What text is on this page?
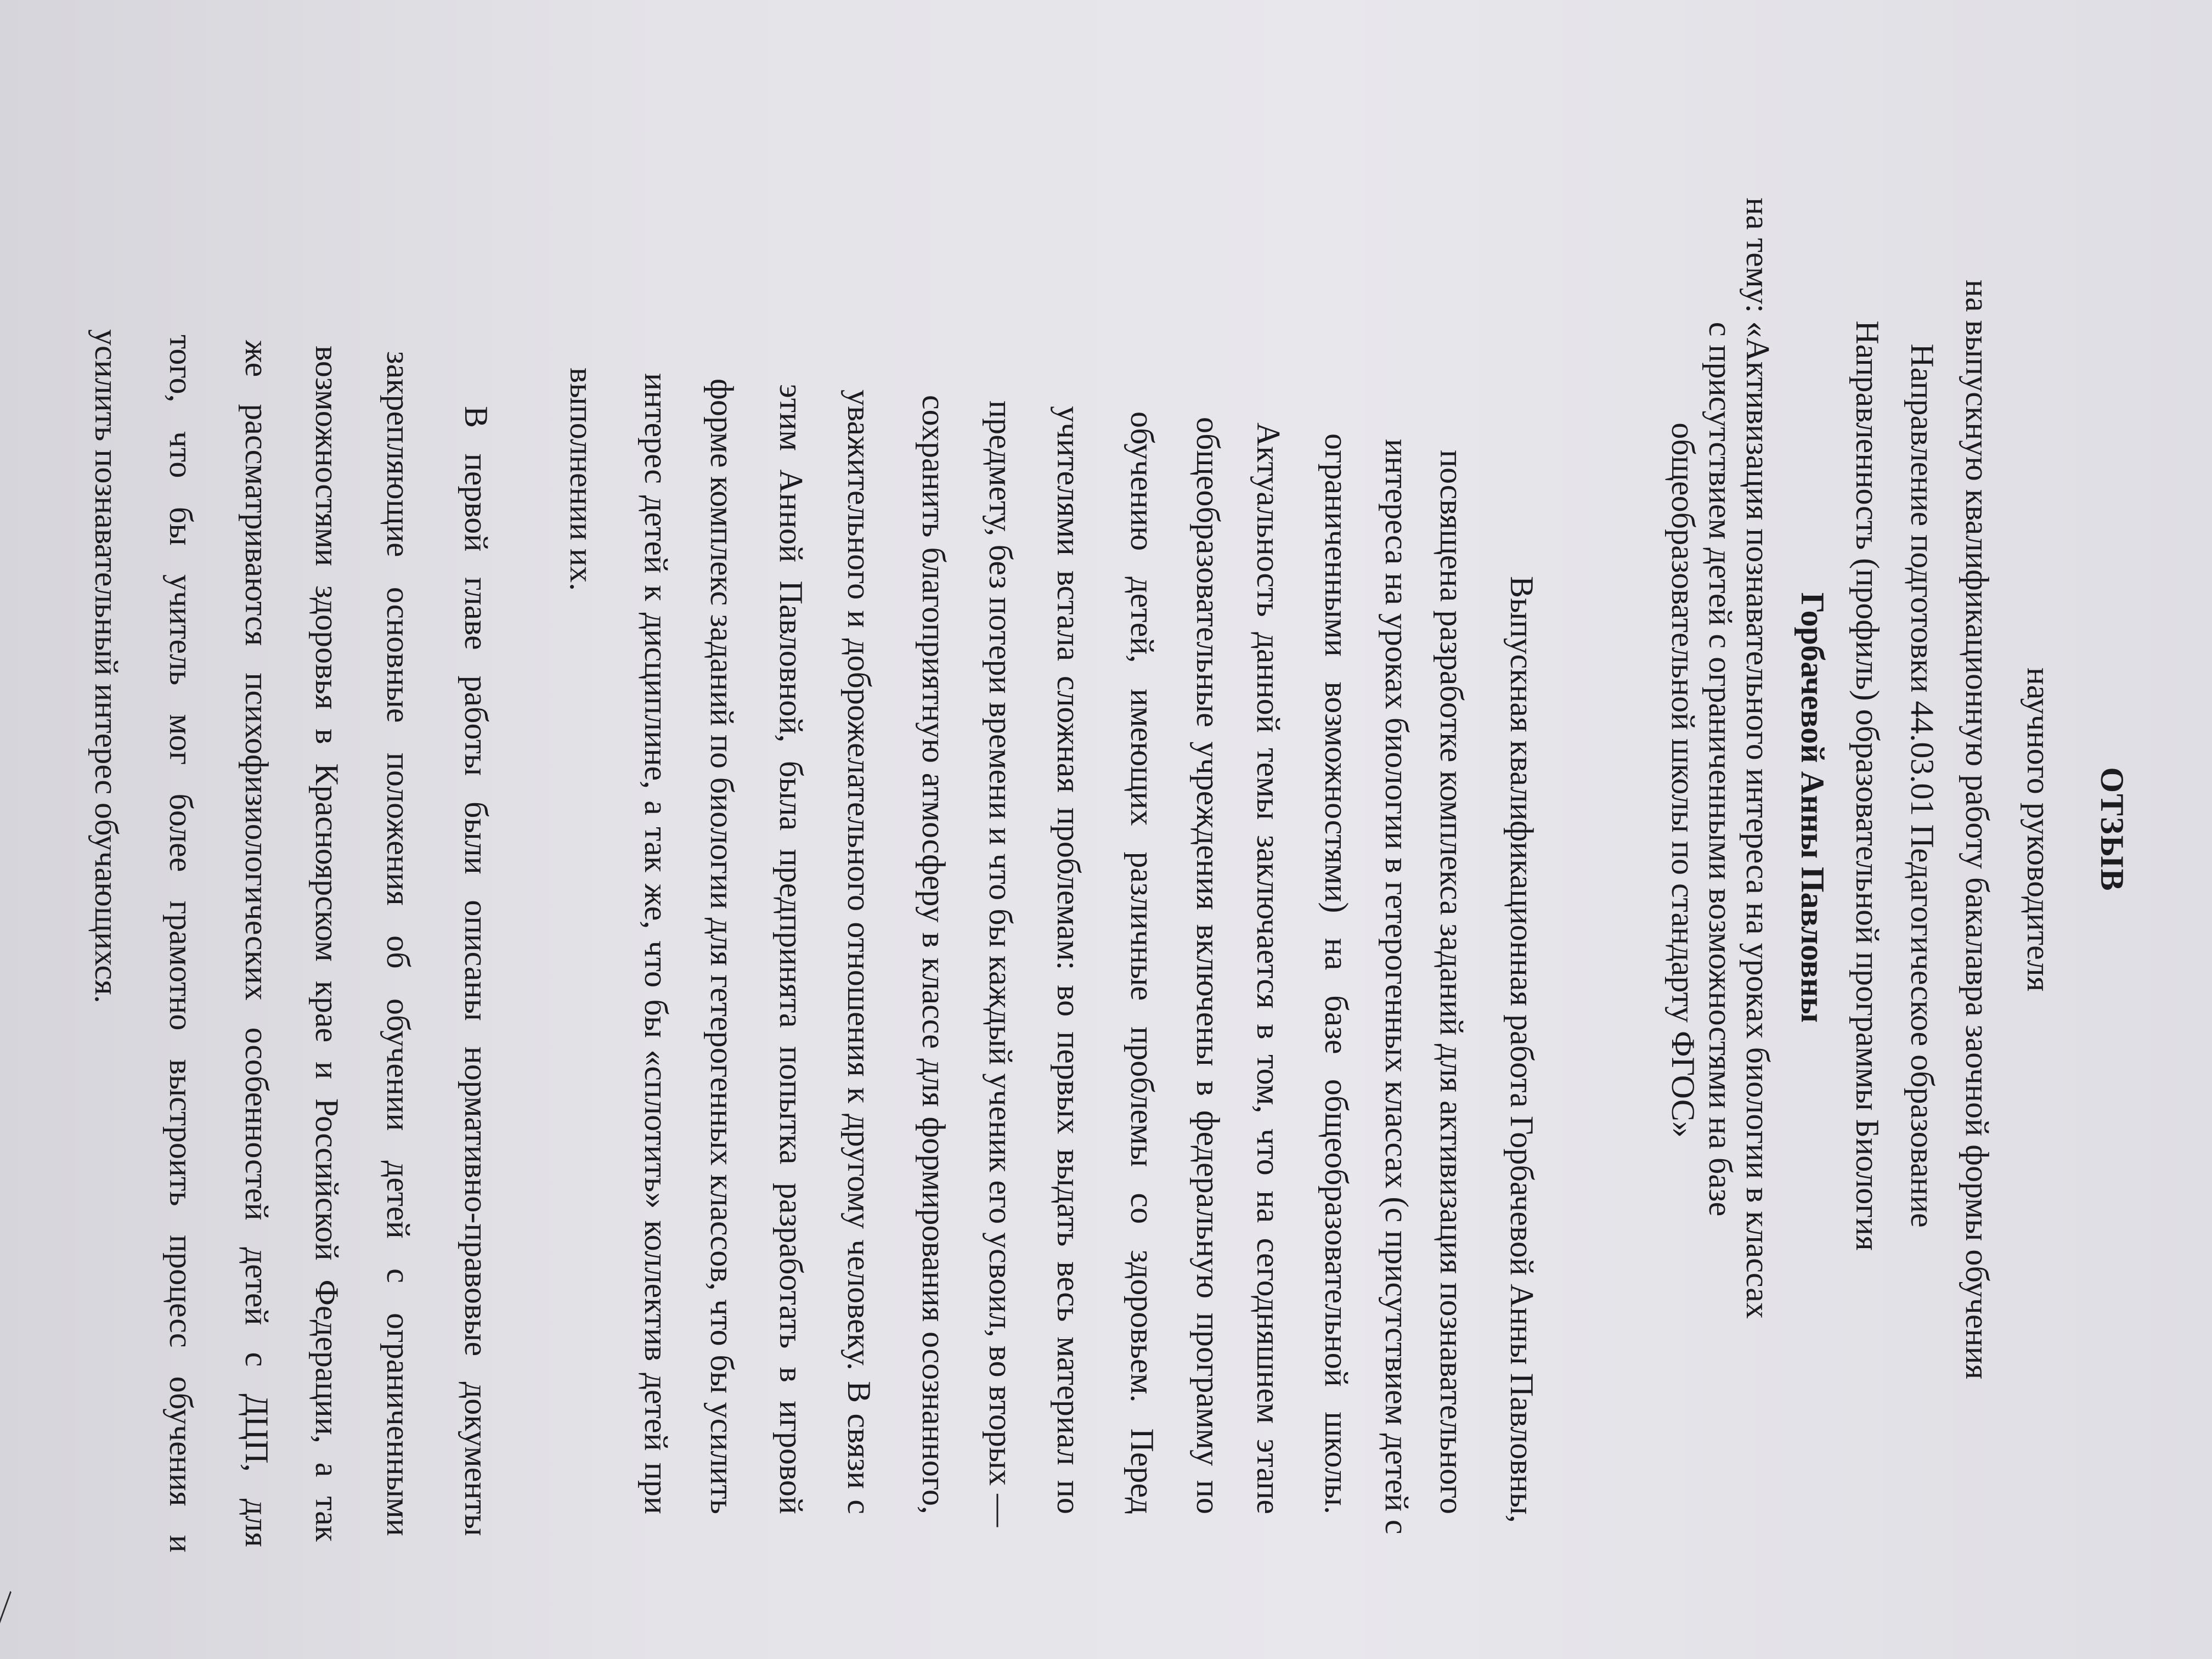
ОТЗЫВ
научного руководителя
на выпускную квалификационную работу бакалавра заочной формы обучения
Направление подготовки 44.03.01 Педагогическое образование
Направленность (профиль) образовательной программы Биология
Горбачевой Анны Павловны
на тему: «Активизация познавательного интереса на уроках биологии в классах
с присутствием детей с ограниченными возможностями на базе
общеобразовательной школы по стандарту ФГОС»
Выпускная квалификационная работа Горбачевой Анны Павловны,
посвящена разработке комплекса заданий для активизация познавательного
интереса на уроках биологии в гетерогенных классах (с присутствием детей с
ограниченными возможностями) на базе общеобразовательной школы.
Актуальность данной темы заключается в том, что на сегодняшнем этапе
общеобразовательные учреждения включены в федеральную программу по
обучению детей, имеющих различные проблемы со здоровьем. Перед
учителями встала сложная проблемам: во первых выдать весь материал по
предмету, без потери времени и что бы каждый ученик его усвоил, во вторых —
сохранить благоприятную атмосферу в классе для формирования осознанного,
уважительного и доброжелательного отношения к другому человеку. В связи с
этим Анной Павловной, была предпринята попытка разработать в игровой
форме комплекс заданий по биологии для гетерогенных классов, что бы усилить
интерес детей к дисциплине, а так же, что бы «сплотить» коллектив детей при
выполнении их.
В первой главе работы были описаны нормативно-правовые документы
закрепляющие основные положения об обучении детей с ограниченными
возможностями здоровья в Красноярском крае и Российской Федерации, а так
же рассматриваются психофизиологических особенностей детей с ДЦП, для
того, что бы учитель мог более грамотно выстроить процесс обучения и
усилить познавательный интерес обучающихся.
